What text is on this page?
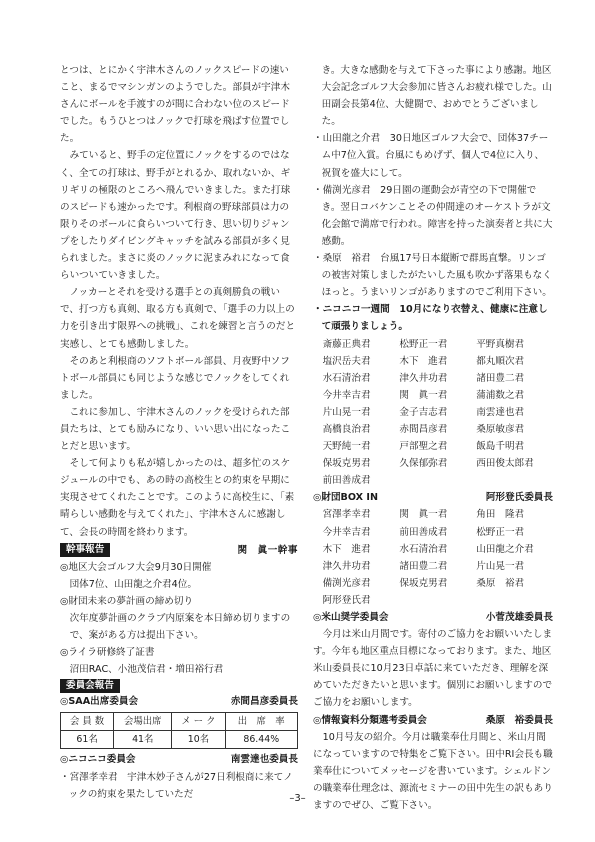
とつは、とにかく宇津木さんのノックスピードの速いこと、まるでマシンガンのようでした。部員が宇津木さんにボールを手渡すのが間に合わない位のスピードでした。もうひとつはノックで打球を飛ばす位置でした。

みていると、野手の定位置にノックをするのではなく、全ての打球は、野手がとれるか、取れないか、ギリギリの極限のところへ飛んでいきました。また打球のスピードも速かったです。利根商の野球部員は力の限りそのボールに食らいついて行き、思い切りジャンプをしたりダイビングキャッチを試みる部員が多く見られました。まさに炎のノックに泥まみれになって食らいついていきました。

ノッカーとそれを受ける選手との真剣勝負の戦いで、打つ方も真剣、取る方も真剣で、「選手の力以上の力を引き出す限界への挑戦」、これを練習と言うのだと実感し、とても感動しました。

そのあと利根商のソフトボール部員、月夜野中ソフトボール部員にも同じような感じでノックをしてくれました。

これに参加し、宇津木さんのノックを受けられた部員たちは、とても励みになり、いい思い出になったことだと思います。

そして何よりも私が嬉しかったのは、超多忙のスケジュールの中でも、あの時の高校生との約束を早期に実現させてくれたことです。このように高校生に、「素晴らしい感動を与えてくれた」、宇津木さんに感謝して、会長の時間を終わります。

幹事報告	関　眞一幹事

◎地区大会ゴルフ大会9月30日開催

団体7位、山田龍之介君4位。

◎財団未来の夢計画の締め切り

次年度夢計画のクラブ内原案を本日締め切りますので、案がある方は提出下さい。

◎ライラ研修終了証書

沼田RAC、小池茂信君・増田裕行君

委員会報告
◎SAA出席委員会	赤間昌彦委員長
会 員 数	会場出席	メ ー ク	出　席　率
61名	41名	10名	86.44%
◎ニコニコ委員会	南雲達也委員長

・宮澤孝幸君　宇津木妙子さんが27日利根商に来てノックの約束を果たしていただ

き。大きな感動を与えて下さった事により感謝。地区大会記念ゴルフ大会参加に皆さんお疲れ様でした。山田副会長第4位、大健闘で、おめでとうございました。

・山田龍之介君　30日地区ゴルフ大会で、団体37チーム中7位入賞。台風にもめげず、個人で4位に入り、祝賀を盛大にして。

・備渕光彦君　29日園の運動会が青空の下で開催でき。翌日コバケンことその仲間達のオーケストラが文化会館で満席で行われ。障害を持った演奏者と共に大感動。

・桑原　裕君　台風17号日本縦断で群馬直撃。リンゴの被害対策しましたがたいした風も吹かず落果もなくほっと。うまいリンゴがありますのでご利用下さい。

・ニコニコ一週間　10月になり衣替え、健康に注意して頑張りましょう。

斎藤正典君	松野正一君	平野真樹君
塩沢岳夫君	木下　進君	都丸順次君
水石清治君	津久井功君	諸田豊二君
今井幸吉君	関　眞一君	蒲浦数之君
片山晃一君	金子吉志君	南雲達也君
高橋良治君	赤間昌彦君	桑原敏彦君
天野純一君	戸部聖之君	飯島千明君
保坂克男君	久保郁弥君	西田俊太郎君
前田善成君
◎財団BOX IN	阿形登氏委員長
宮澤孝幸君	関　眞一君	角田　隆君
今井幸吉君	前田善成君	松野正一君
木下　進君	水石清治君	山田龍之介君
津久井功君	諸田豊二君	片山晃一君
備渕光彦君	保坂克男君	桑原　裕君
阿形登氏君
◎米山奨学委員会	小菅茂雄委員長

今月は米山月間です。寄付のご協力をお願いいたします。今年も地区重点目標になっております。また、地区米山委員長に10月23日卓話に来ていただき、理解を深めていただきたいと思います。個別にお願いしますのでご協力をお願いします。

◎情報資料分類選考委員会	桑原　裕委員長

10月号友の紹介。今月は職業奉仕月間と、米山月間になっていますので特集をご覧下さい。田中RI会長も職業奉仕についてメッセージを書いています。シェルドンの職業奉仕理念は、源流セミナーの田中先生の訳もありますのでぜひ、ご覧下さい。

–3–
